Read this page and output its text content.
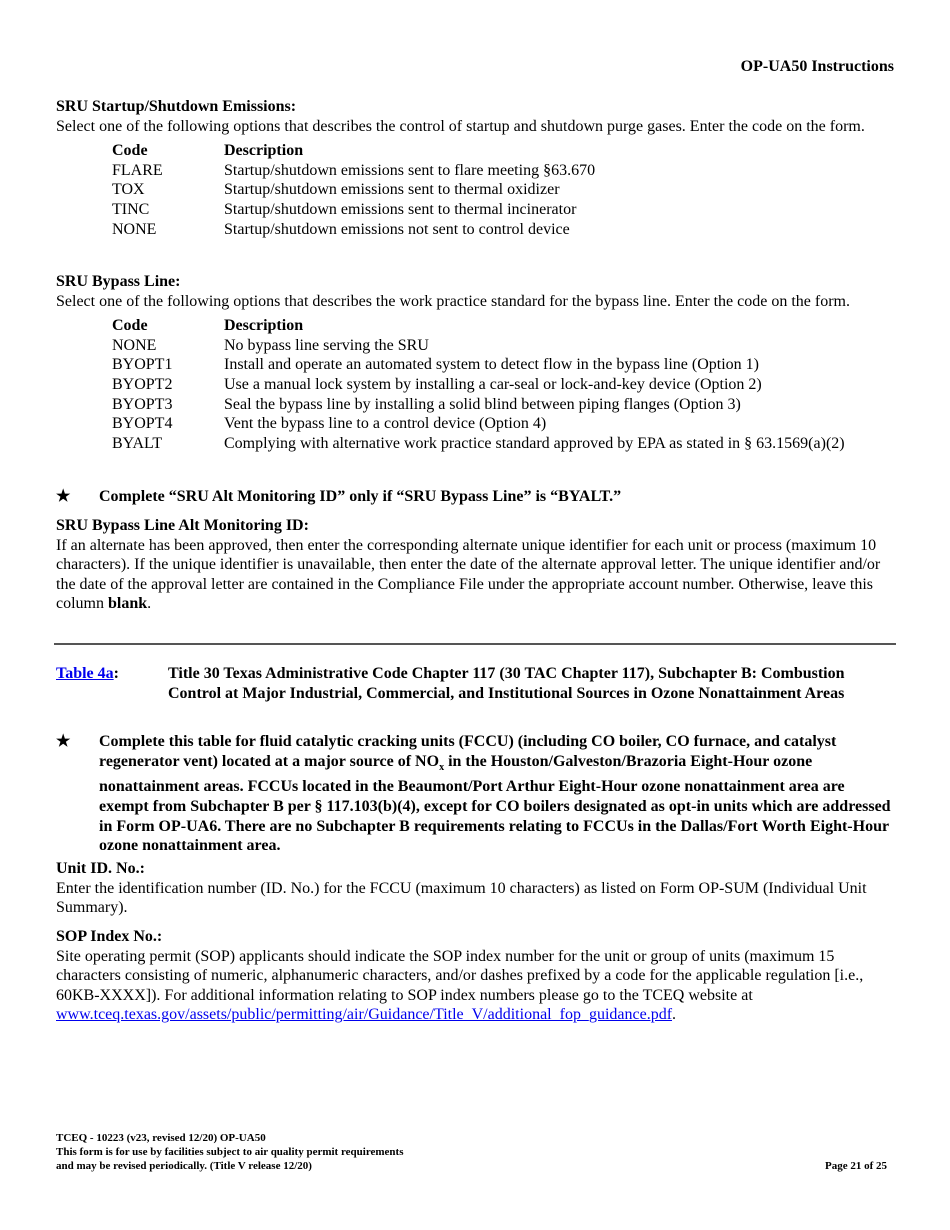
OP-UA50 Instructions
SRU Startup/Shutdown Emissions:

Select one of the following options that describes the control of startup and shutdown purge gases. Enter the code on the form.

Code	Description
FLARE	Startup/shutdown emissions sent to flare meeting §63.670
TOX	Startup/shutdown emissions sent to thermal oxidizer
TINC	Startup/shutdown emissions sent to thermal incinerator
NONE	Startup/shutdown emissions not sent to control device
SRU Bypass Line:

Select one of the following options that describes the work practice standard for the bypass line. Enter the code on the form.

Code	Description
NONE	No bypass line serving the SRU
BYOPT1	Install and operate an automated system to detect flow in the bypass line (Option 1)
BYOPT2	Use a manual lock system by installing a car-seal or lock-and-key device (Option 2)
BYOPT3	Seal the bypass line by installing a solid blind between piping flanges (Option 3)
BYOPT4	Vent the bypass line to a control device (Option 4)
BYALT	Complying with alternative work practice standard approved by EPA as stated in § 63.1569(a)(2)
★	Complete “SRU Alt Monitoring ID” only if “SRU Bypass Line” is “BYALT.”
SRU Bypass Line Alt Monitoring ID:

If an alternate has been approved, then enter the corresponding alternate unique identifier for each unit or process (maximum 10 characters). If the unique identifier is unavailable, then enter the date of the alternate approval letter. The unique identifier and/or the date of the approval letter are contained in the Compliance File under the appropriate account number. Otherwise, leave this column blank.

Table 4a:	Title 30 Texas Administrative Code Chapter 117 (30 TAC Chapter 117), Subchapter B: Combustion Control at Major Industrial, Commercial, and Institutional Sources in Ozone Nonattainment Areas
★	Complete this table for fluid catalytic cracking units (FCCU) (including CO boiler, CO furnace, and catalyst regenerator vent) located at a major source of $NO_x$ in the Houston/Galveston/Brazoria Eight-Hour ozone nonattainment areas. FCCUs located in the Beaumont/Port Arthur Eight-Hour ozone nonattainment area are exempt from Subchapter B per § 117.103(b)(4), except for CO boilers designated as opt-in units which are addressed in Form OP-UA6. There are no Subchapter B requirements relating to FCCUs in the Dallas/Fort Worth Eight-Hour ozone nonattainment area.
Unit ID. No.:

Enter the identification number (ID. No.) for the FCCU (maximum 10 characters) as listed on Form OP-SUM (Individual Unit Summary).

SOP Index No.:

Site operating permit (SOP) applicants should indicate the SOP index number for the unit or group of units (maximum 15 characters consisting of numeric, alphanumeric characters, and/or dashes prefixed by a code for the applicable regulation [i.e., 60KB-XXXX]). For additional information relating to SOP index numbers please go to the TCEQ website at www.tceq.texas.gov/assets/public/permitting/air/Guidance/Title_V/additional_fop_guidance.pdf.

TCEQ - 10223 (v23, revised 12/20) OP-UA50
This form is for use by facilities subject to air quality permit requirements
and may be revised periodically. (Title V release 12/20)	Page 21 of 25
